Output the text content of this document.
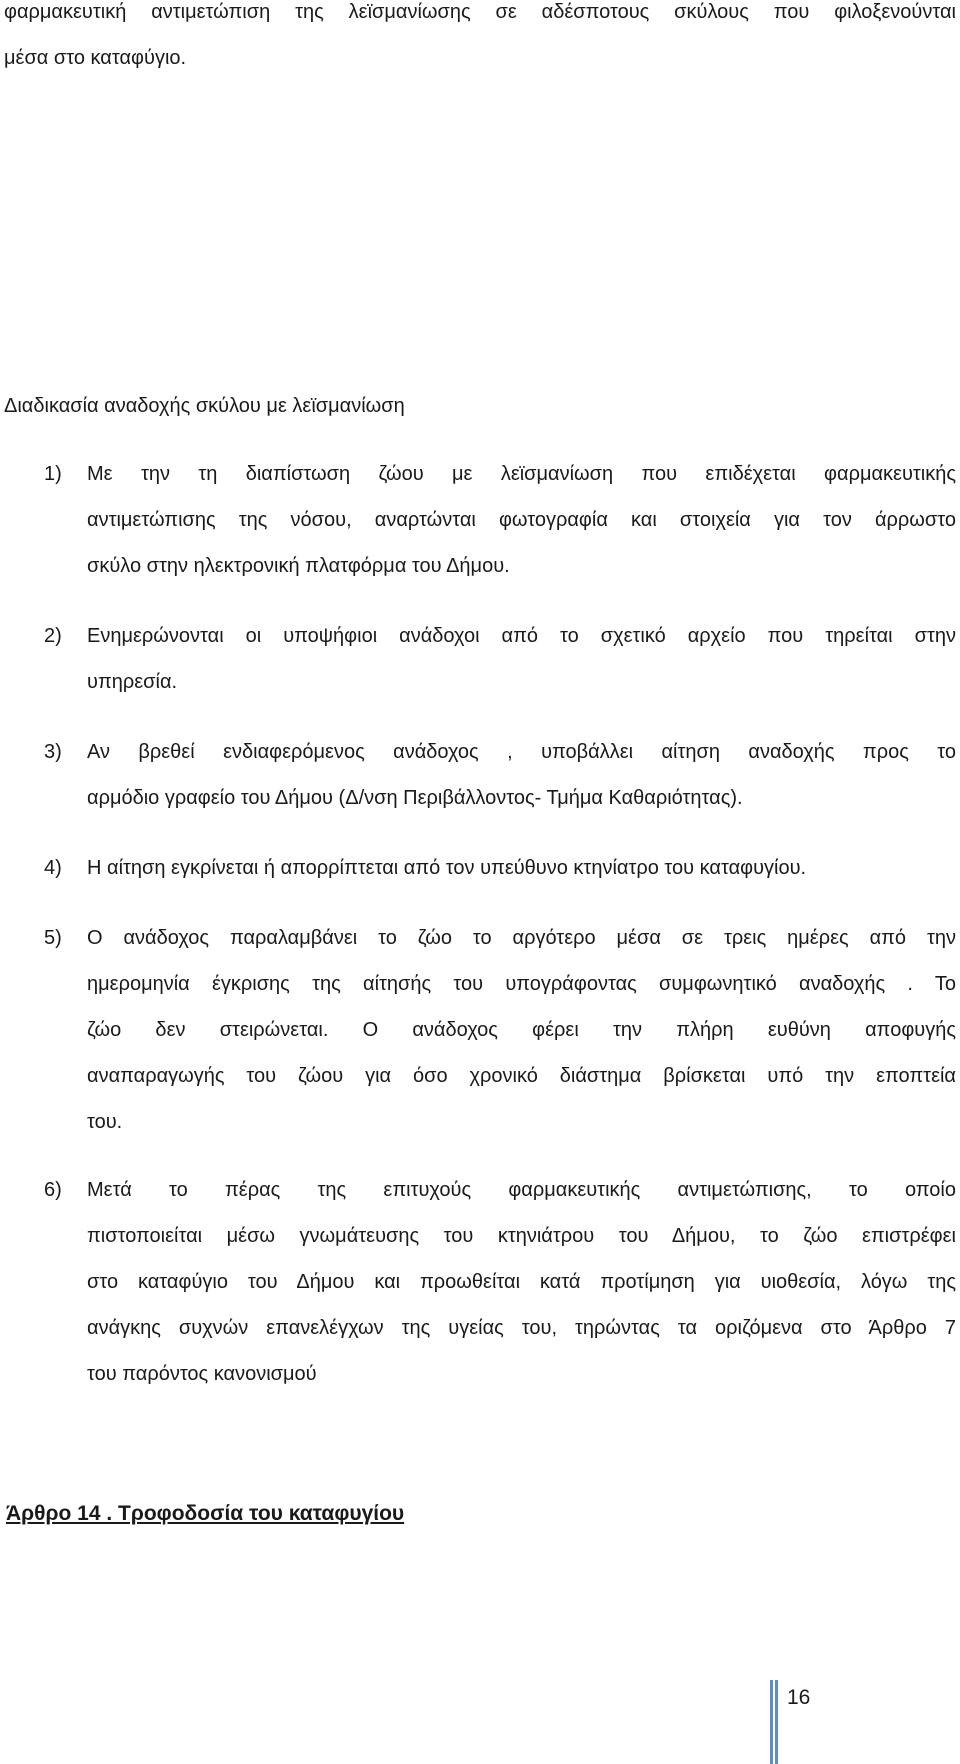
φαρμακευτική αντιμετώπιση της λεϊσμανίωσης σε αδέσποτους σκύλους που φιλοξενούνται
μέσα στο καταφύγιο.
Διαδικασία αναδοχής σκύλου με λεϊσμανίωση
1) Με την τη διαπίστωση ζώου με λεϊσμανίωση που επιδέχεται φαρμακευτικής
αντιμετώπισης της νόσου, αναρτώνται φωτογραφία και στοιχεία για τον άρρωστο
σκύλο στην ηλεκτρονική πλατφόρμα του Δήμου.
2) Ενημερώνονται οι υποψήφιοι ανάδοχοι από το σχετικό αρχείο που τηρείται στην
υπηρεσία.
3) Αν βρεθεί ενδιαφερόμενος ανάδοχος , υποβάλλει αίτηση αναδοχής προς το
αρμόδιο γραφείο του Δήμου (Δ/νση Περιβάλλοντος- Τμήμα Καθαριότητας).
4) Η αίτηση εγκρίνεται ή απορρίπτεται από τον υπεύθυνο κτηνίατρο του καταφυγίου.
5) Ο ανάδοχος παραλαμβάνει το ζώο το αργότερο μέσα σε τρεις ημέρες από την
ημερομηνία έγκρισης της αίτησής του υπογράφοντας συμφωνητικό αναδοχής . Το
ζώο δεν στειρώνεται. Ο ανάδοχος φέρει την πλήρη ευθύνη αποφυγής
αναπαραγωγής του ζώου για όσο χρονικό διάστημα βρίσκεται υπό την εποπτεία
του.
6) Μετά το πέρας της επιτυχούς φαρμακευτικής αντιμετώπισης, το οποίο
πιστοποιείται μέσω γνωμάτευσης του κτηνιάτρου του Δήμου, το ζώο επιστρέφει
στο καταφύγιο του Δήμου και προωθείται κατά προτίμηση για υιοθεσία, λόγω της
ανάγκης συχνών επανελέγχων της υγείας του, τηρώντας τα οριζόμενα στο Άρθρο 7
του παρόντος κανονισμού
Άρθρο 14 . Τροφοδοσία του καταφυγίου
16
